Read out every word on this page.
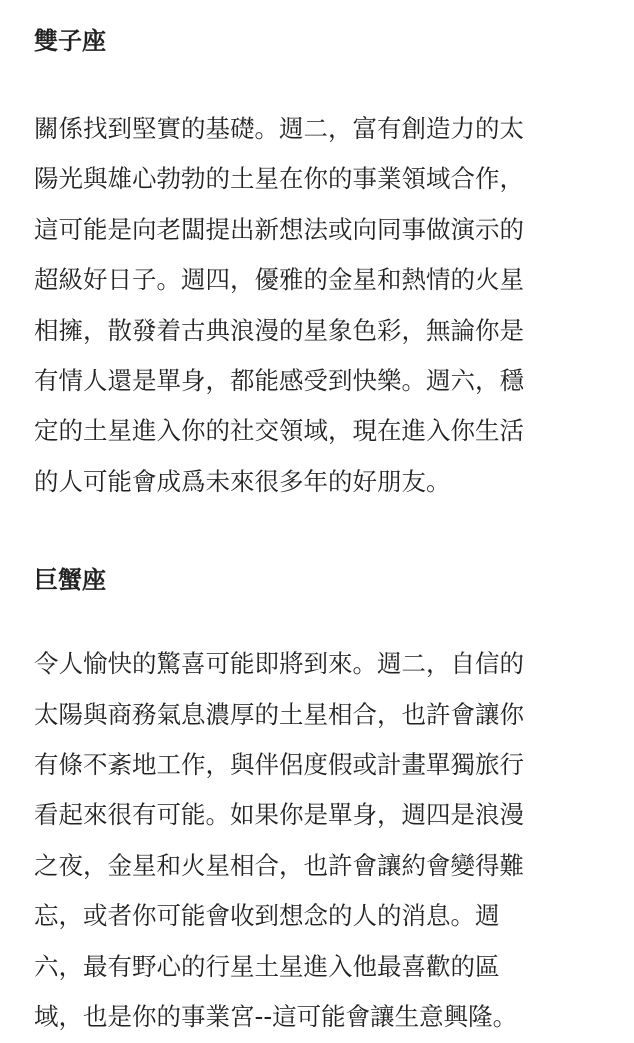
雙子座

關係找到堅實的基礎。週二，富有創造力的太
陽光與雄心勃勃的土星在你的事業領域合作，
這可能是向老闆提出新想法或向同事做演示的
超級好日子。週四，優雅的金星和熱情的火星
相擁，散發着古典浪漫的星象色彩，無論你是
有情人還是單身，都能感受到快樂。週六，穩
定的土星進入你的社交領域，現在進入你生活
的人可能會成爲未來很多年的好朋友。

巨蟹座

令人愉快的驚喜可能即將到來。週二，自信的
太陽與商務氣息濃厚的土星相合，也許會讓你
有條不紊地工作，與伴侶度假或計畫單獨旅行
看起來很有可能。如果你是單身，週四是浪漫
之夜，金星和火星相合，也許會讓約會變得難
忘，或者你可能會收到想念的人的消息。週
六，最有野心的行星土星進入他最喜歡的區
域，也是你的事業宮--這可能會讓生意興隆。
